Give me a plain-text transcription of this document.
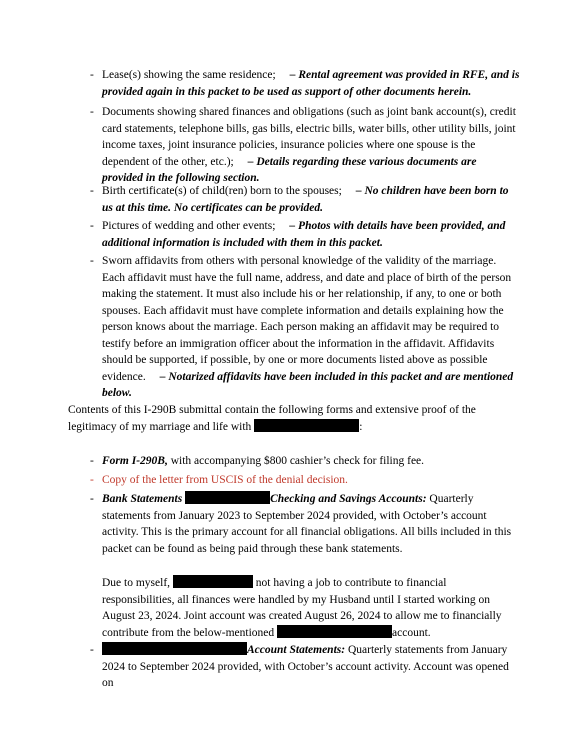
- Lease(s) showing the same residence; – Rental agreement was provided in RFE, and is provided again in this packet to be used as support of other documents herein.
- Documents showing shared finances and obligations (such as joint bank account(s), credit card statements, telephone bills, gas bills, electric bills, water bills, other utility bills, joint income taxes, joint insurance policies, insurance policies where one spouse is the dependent of the other, etc.); – Details regarding these various documents are provided in the following section.
- Birth certificate(s) of child(ren) born to the spouses; – No children have been born to us at this time. No certificates can be provided.
- Pictures of wedding and other events; – Photos with details have been provided, and additional information is included with them in this packet.
- Sworn affidavits from others with personal knowledge of the validity of the marriage. Each affidavit must have the full name, address, and date and place of birth of the person making the statement. It must also include his or her relationship, if any, to one or both spouses. Each affidavit must have complete information and details explaining how the person knows about the marriage. Each person making an affidavit may be required to testify before an immigration officer about the information in the affidavit. Affidavits should be supported, if possible, by one or more documents listed above as possible evidence. – Notarized affidavits have been included in this packet and are mentioned below.
Contents of this I-290B submittal contain the following forms and extensive proof of the legitimacy of my marriage and life with	:
- Form I-290B, with accompanying $800 cashier’s check for filing fee.
- Copy of the letter from USCIS of the denial decision.
- Bank Statements	Checking and Savings Accounts: Quarterly statements from January 2023 to September 2024 provided, with October’s account activity. This is the primary account for all financial obligations. All bills included in this packet can be found as being paid through these bank statements.
Due to myself,	not having a job to contribute to financial responsibilities, all finances were handled by my Husband until I started working on August 23, 2024. Joint account was created August 26, 2024 to allow me to financially contribute from the below-mentioned	account.
-	Account Statements: Quarterly statements from January 2024 to September 2024 provided, with October’s account activity. Account was opened on
